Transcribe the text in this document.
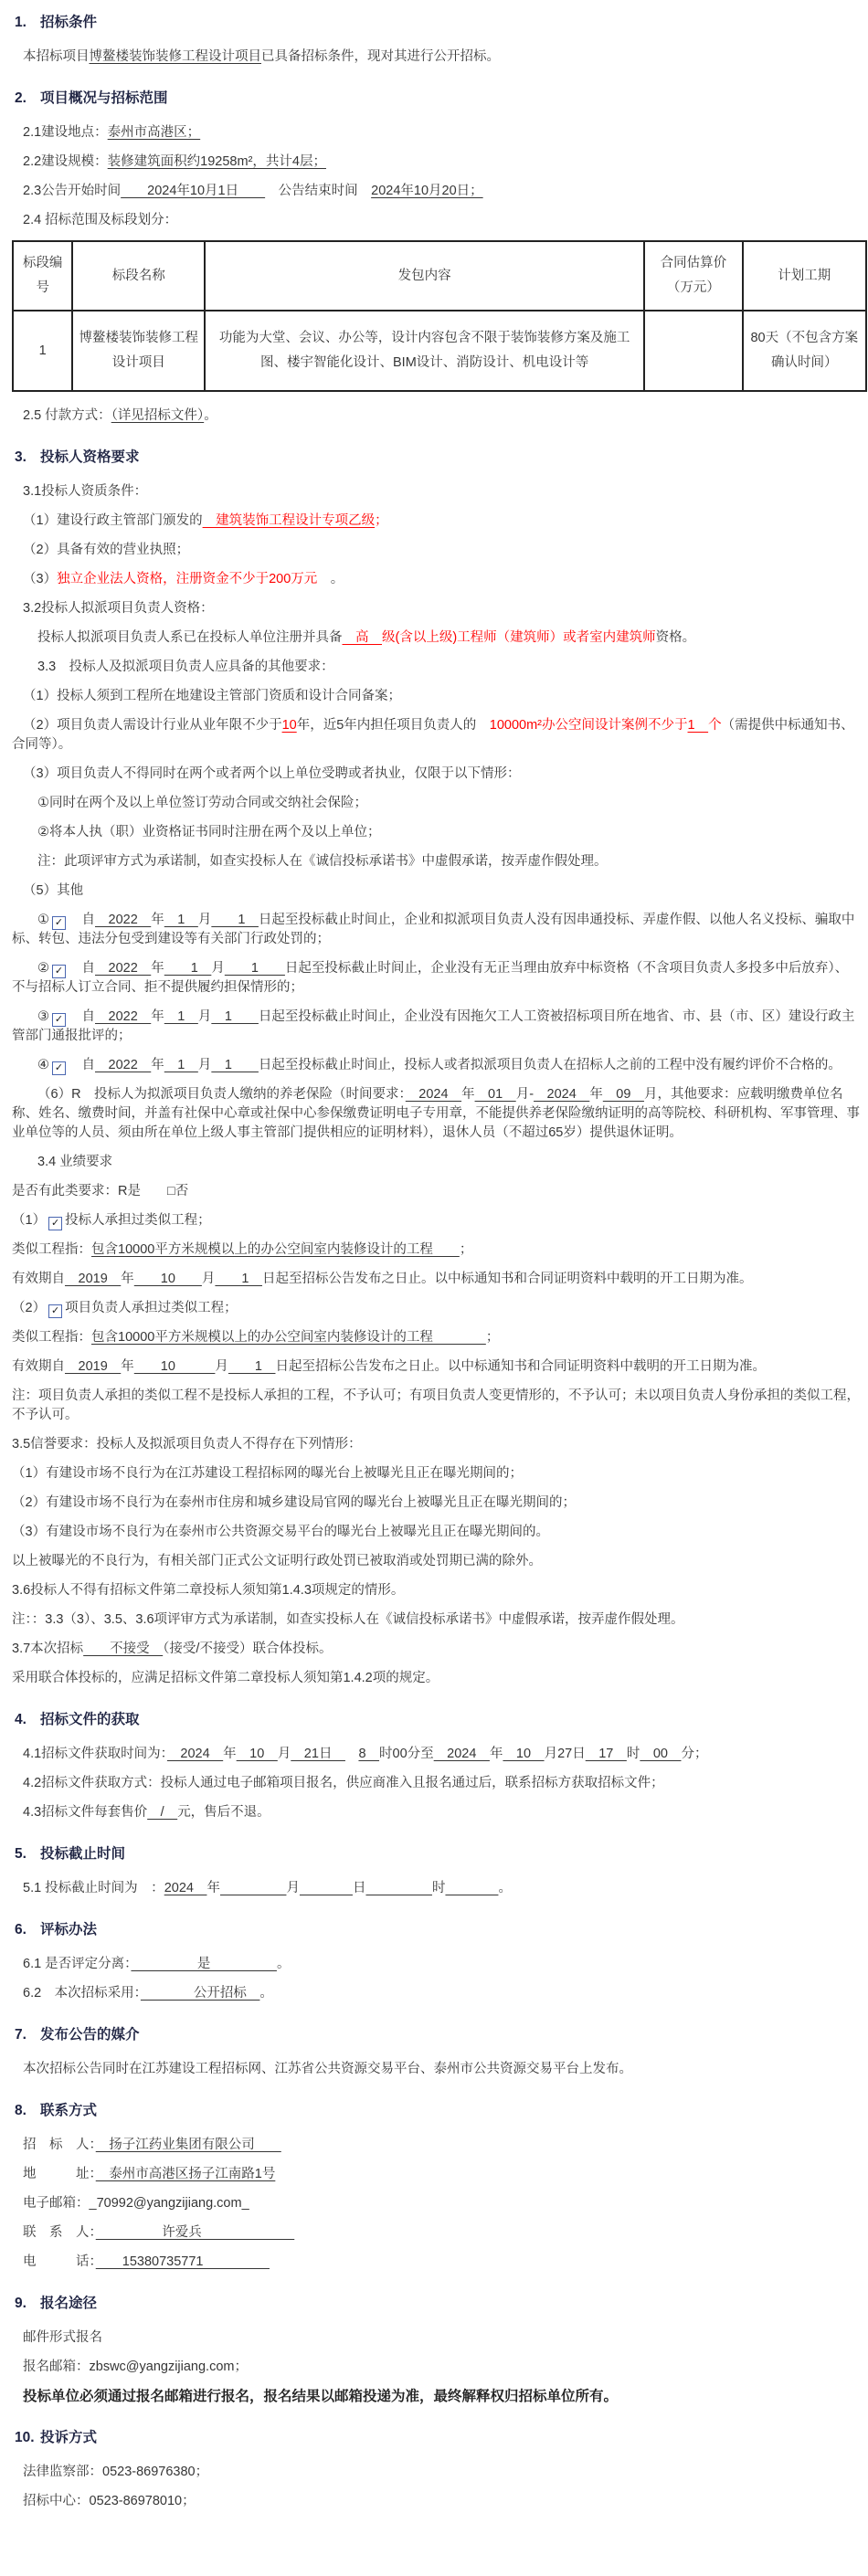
1. 招标条件

本招标项目博鳌楼装饰装修工程设计项目已具备招标条件，现对其进行公开招标。

2. 项目概况与招标范围

2.1建设地点：泰州市高港区；

2.2建设规模：装修建筑面积约19258m²，共计4层；

2.3公告开始时间　　2024年10月1日　　　公告结束时间　2024年10月20日；

2.4 招标范围及标段划分：

标段编号	标段名称	发包内容	合同估算价（万元）	计划工期
1	博鳌楼装饰装修工程设计项目	功能为大堂、会议、办公等，设计内容包含不限于装饰装修方案及施工图、楼宇智能化设计、BIM设计、消防设计、机电设计等		80天（不包含方案确认时间）

2.5 付款方式：（详见招标文件）。

3. 投标人资格要求

3.1投标人资质条件：

（1）建设行政主管部门颁发的　建筑装饰工程设计专项乙级；

（2）具备有效的营业执照；

（3）独立企业法人资格，注册资金不少于200万元　。

3.2投标人拟派项目负责人资格：

投标人拟派项目负责人系已在投标人单位注册并具备　高　级(含以上级)工程师（建筑师）或者室内建筑师资格。

3.3　投标人及拟派项目负责人应具备的其他要求：

（1）投标人须到工程所在地建设主管部门资质和设计合同备案；

（2）项目负责人需设计行业从业年限不少于10年，近5年内担任项目负责人的　10000m²办公空间设计案例不少于1　个（需提供中标通知书、合同等）。

（3）项目负责人不得同时在两个或者两个以上单位受聘或者执业，仅限于以下情形：

①同时在两个及以上单位签订劳动合同或交纳社会保险；

②将本人执（职）业资格证书同时注册在两个及以上单位；

注：此项评审方式为承诺制，如查实投标人在《诚信投标承诺书》中虚假承诺，按弄虚作假处理。

（5）其他

① ✓　自　2022　年　1　月　　1　日起至投标截止时间止，企业和拟派项目负责人没有因串通投标、弄虚作假、以他人名义投标、骗取中标、转包、违法分包受到建设等有关部门行政处罚的；

② ✓　自　2022　年　　1　月　　1　　日起至投标截止时间止，企业没有无正当理由放弃中标资格（不含项目负责人多投多中后放弃）、不与招标人订立合同、拒不提供履约担保情形的；

③ ✓　自　2022　年　1　月　1　　日起至投标截止时间止，企业没有因拖欠工人工资被招标项目所在地省、市、县（市、区）建设行政主管部门通报批评的；

④ ✓　自　2022　年　1　月　1　　日起至投标截止时间止，投标人或者拟派项目负责人在招标人之前的工程中没有履约评价不合格的。

（6）R　投标人为拟派项目负责人缴纳的养老保险（时间要求：　2024　年　01　月-　2024　年　09　月，其他要求：应载明缴费单位名称、姓名、缴费时间，并盖有社保中心章或社保中心参保缴费证明电子专用章，不能提供养老保险缴纳证明的高等院校、科研机构、军事管理、事业单位等的人员、须由所在单位上级人事主管部门提供相应的证明材料），退休人员（不超过65岁）提供退休证明。

3.4 业绩要求

是否有此类要求：R是　　□否

（1） ✓ 投标人承担过类似工程；

类似工程指：包含10000平方米规模以上的办公空间室内装修设计的工程　　；

有效期自　2019　年　　10　　月　　1　日起至招标公告发布之日止。以中标通知书和合同证明资料中载明的开工日期为准。

（2） ✓ 项目负责人承担过类似工程；

类似工程指：包含10000平方米规模以上的办公空间室内装修设计的工程　　　　；

有效期自　2019　年　　10　　　月　　1　日起至招标公告发布之日止。以中标通知书和合同证明资料中载明的开工日期为准。

注：项目负责人承担的类似工程不是投标人承担的工程，不予认可；有项目负责人变更情形的，不予认可；未以项目负责人身份承担的类似工程，不予认可。

3.5信誉要求：投标人及拟派项目负责人不得存在下列情形：

（1）有建设市场不良行为在江苏建设工程招标网的曝光台上被曝光且正在曝光期间的；

（2）有建设市场不良行为在泰州市住房和城乡建设局官网的曝光台上被曝光且正在曝光期间的；

（3）有建设市场不良行为在泰州市公共资源交易平台的曝光台上被曝光且正在曝光期间的。

以上被曝光的不良行为，有相关部门正式公文证明行政处罚已被取消或处罚期已满的除外。

3.6投标人不得有招标文件第二章投标人须知第1.4.3项规定的情形。

注：：3.3（3）、3.5、3.6项评审方式为承诺制，如查实投标人在《诚信投标承诺书》中虚假承诺，按弄虚作假处理。

3.7本次招标　　不接受　（接受/不接受）联合体投标。

采用联合体投标的，应满足招标文件第二章投标人须知第1.4.2项的规定。

4. 招标文件的获取

4.1招标文件获取时间为：　2024　年　10　月　21日　　8　时00分至　2024　年　10　月27日　17　时　00　分；

4.2招标文件获取方式：投标人通过电子邮箱项目报名，供应商准入且报名通过后，联系招标方获取招标文件；

4.3招标文件每套售价　/　元，售后不退。

5. 投标截止时间

5.1 投标截止时间为　：2024　年　　　　　	月　　　　	日　　　　　	时　　　　	。

6. 评标办法

6.1 是否评定分离：　　　　　是　　　　　。

6.2　本次招标采用：　　　　公开招标　。

7. 发布公告的媒介

本次招标公告同时在江苏建设工程招标网、江苏省公共资源交易平台、泰州市公共资源交易平台上发布。

8. 联系方式

招　标　人：　扬子江药业集团有限公司　　

地　　　址：　泰州市高港区扬子江南路1号

电子邮箱：_70992@yangzijiang.com_

联　系　人：　　　　　许爱兵　　　　　　　

电　　　话：　　15380735771　　　　　

9. 报名途径

邮件形式报名

报名邮箱：zbswc@yangzijiang.com；

投标单位必须通过报名邮箱进行报名，报名结果以邮箱投递为准，最终解释权归招标单位所有。

10. 投诉方式

法律监察部：0523-86976380；

招标中心：0523-86978010；
